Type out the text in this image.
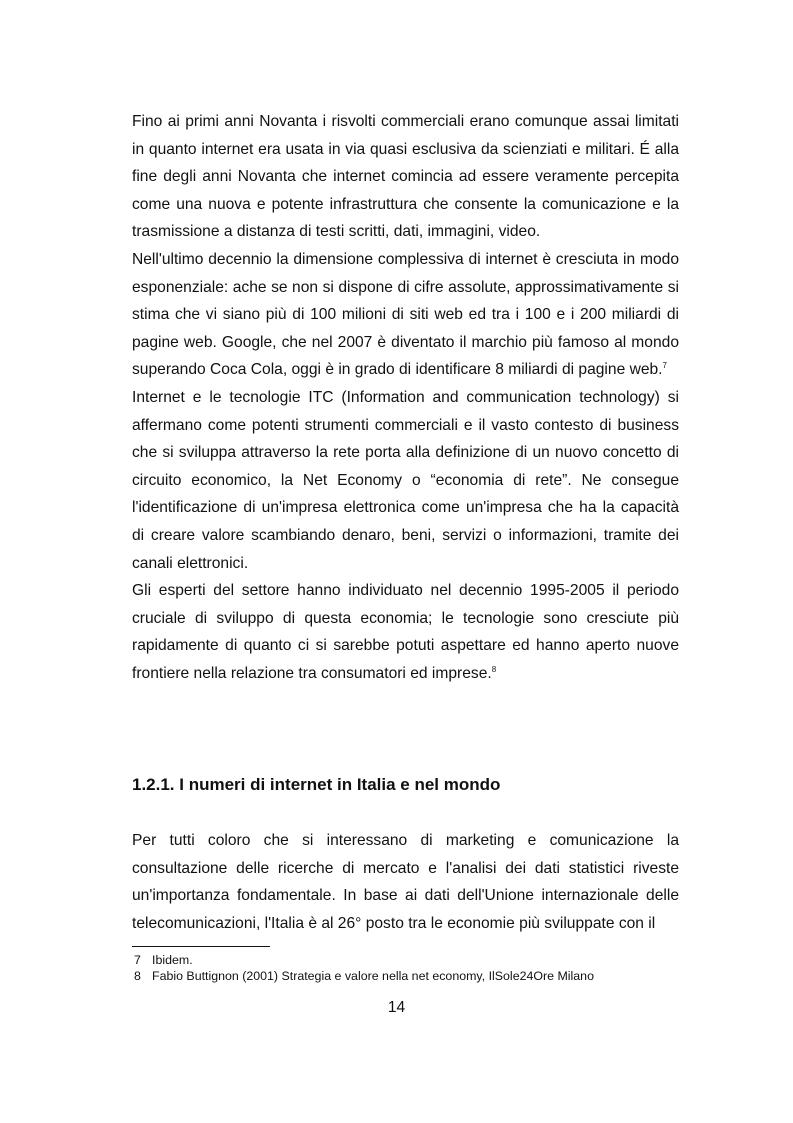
Fino ai primi anni Novanta i risvolti commerciali erano comunque assai limitati in quanto internet era usata in via quasi esclusiva da scienziati e militari. É alla fine degli anni Novanta che internet comincia ad essere veramente percepita come una nuova e potente infrastruttura che consente la comunicazione e la trasmissione a distanza di testi scritti, dati, immagini, video.

Nell'ultimo decennio la dimensione complessiva di internet è cresciuta in modo esponenziale: ache se non si dispone di cifre assolute, approssimativamente si stima che vi siano più di 100 milioni di siti web ed tra i 100 e i 200 miliardi di pagine web. Google, che nel 2007 è diventato il marchio più famoso al mondo superando Coca Cola, oggi è in grado di identificare 8 miliardi di pagine web.$^7$

Internet e le tecnologie ITC (Information and communication technology) si affermano come potenti strumenti commerciali e il vasto contesto di business che si sviluppa attraverso la rete porta alla definizione di un nuovo concetto di circuito economico, la Net Economy o “economia di rete”. Ne consegue l'identificazione di un'impresa elettronica come un'impresa che ha la capacità di creare valore scambiando denaro, beni, servizi o informazioni, tramite dei canali elettronici.

Gli esperti del settore hanno individuato nel decennio 1995-2005 il periodo cruciale di sviluppo di questa economia; le tecnologie sono cresciute più rapidamente di quanto ci si sarebbe potuti aspettare ed hanno aperto nuove frontiere nella relazione tra consumatori ed imprese.$^8$

1.2.1. I numeri di internet in Italia e nel mondo

Per tutti coloro che si interessano di marketing e comunicazione la consultazione delle ricerche di mercato e l'analisi dei dati statistici riveste un'importanza fondamentale. In base ai dati dell'Unione internazionale delle telecomunicazioni, l'Italia è al 26° posto tra le economie più sviluppate con il

7 Ibidem.
8 Fabio Buttignon (2001) Strategia e valore nella net economy, IlSole24Ore Milano
14
